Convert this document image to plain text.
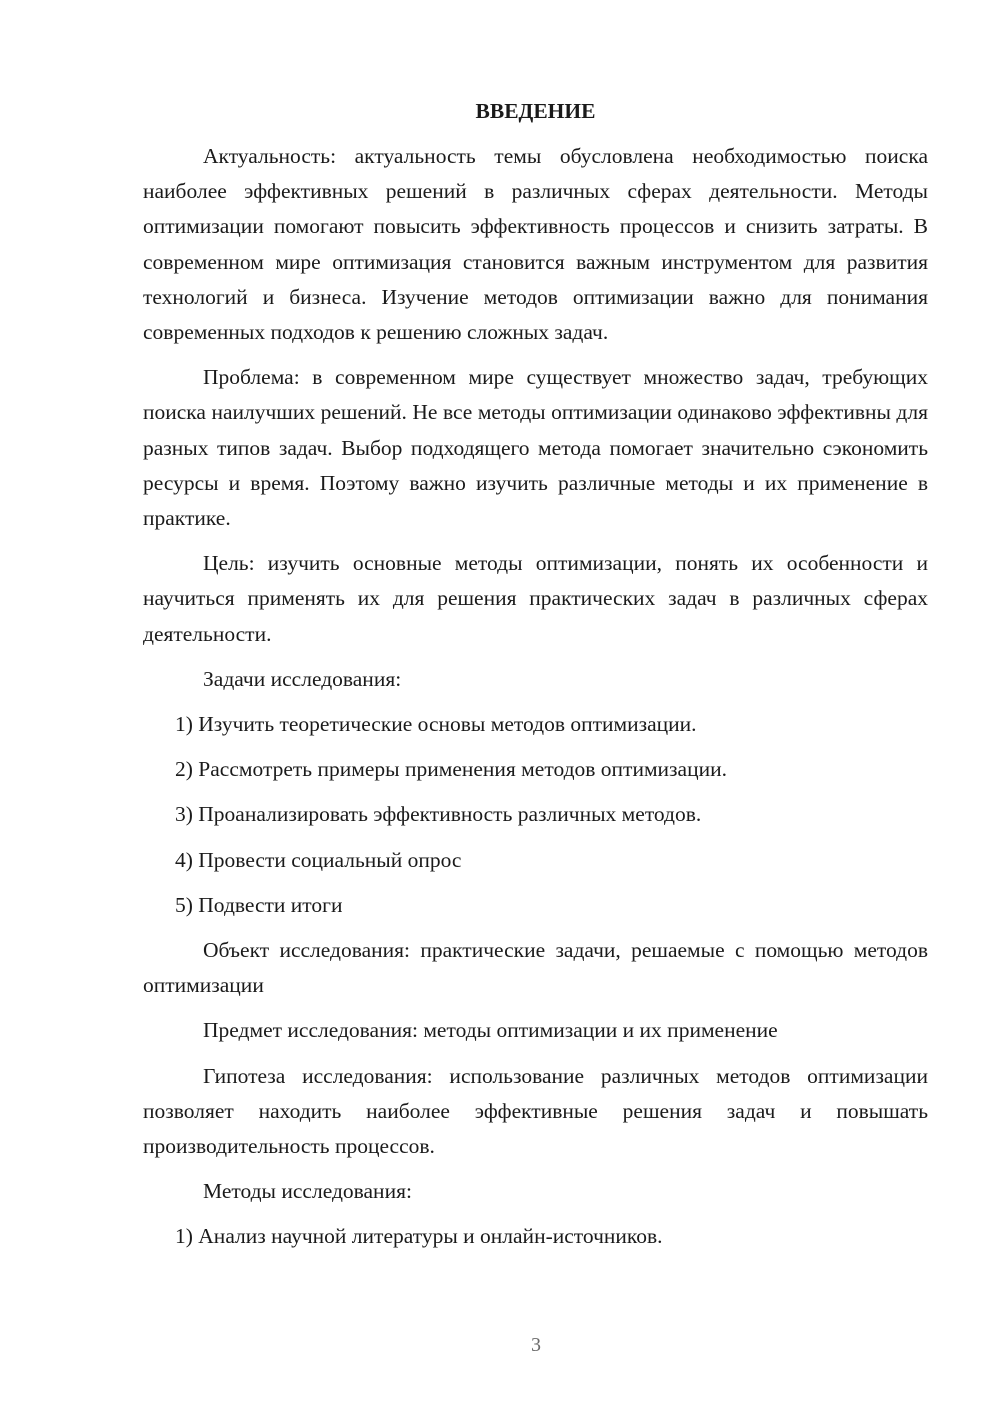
ВВЕДЕНИЕ

Актуальность: актуальность темы обусловлена необходимостью поиска наиболее эффективных решений в различных сферах деятельности. Методы оптимизации помогают повысить эффективность процессов и снизить затраты. В современном мире оптимизация становится важным инструментом для развития технологий и бизнеса. Изучение методов оптимизации важно для понимания современных подходов к решению сложных задач.

Проблема: в современном мире существует множество задач, требующих поиска наилучших решений. Не все методы оптимизации одинаково эффективны для разных типов задач. Выбор подходящего метода помогает значительно сэкономить ресурсы и время. Поэтому важно изучить различные методы и их применение в практике.

Цель: изучить основные методы оптимизации, понять их особенности и научиться применять их для решения практических задач в различных сферах деятельности.

Задачи исследования:
1) Изучить теоретические основы методов оптимизации.
2) Рассмотреть примеры применения методов оптимизации.
3) Проанализировать эффективность различных методов.
4) Провести социальный опрос
5) Подвести итоги

Объект исследования: практические задачи, решаемые с помощью методов оптимизации

Предмет исследования: методы оптимизации и их применение

Гипотеза исследования: использование различных методов оптимизации позволяет находить наиболее эффективные решения задач и повышать производительность процессов.

Методы исследования:
1) Анализ научной литературы и онлайн-источников.
3
